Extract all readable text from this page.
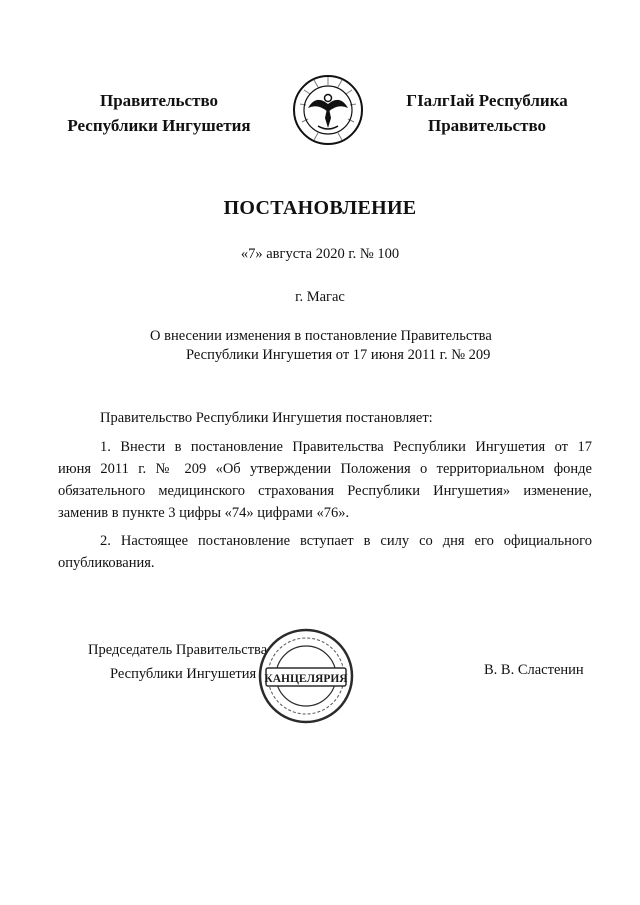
Правительство
Республики Ингушетия
ГIалгIай Республика
Правительство
ПОСТАНОВЛЕНИЕ
«7» августа 2020 г. № 100
г. Магас
О внесении изменения в постановление Правительства
Республики Ингушетия от 17 июня 2011 г. № 209
Правительство Республики Ингушетия постановляет:
1. Внести в постановление Правительства Республики Ингушетия от 17
июня 2011 г. № 209 «Об утверждении Положения о территориальном фонде
обязательного медицинского страхования Республики Ингушетия» изменение,
заменив в пункте 3 цифры «74» цифрами «76».
2. Настоящее постановление вступает в силу со дня его официального
опубликования.
Председатель Правительства
Республики Ингушетия КАНЦЕЛЯРИЯ
В. В. Сластенин
